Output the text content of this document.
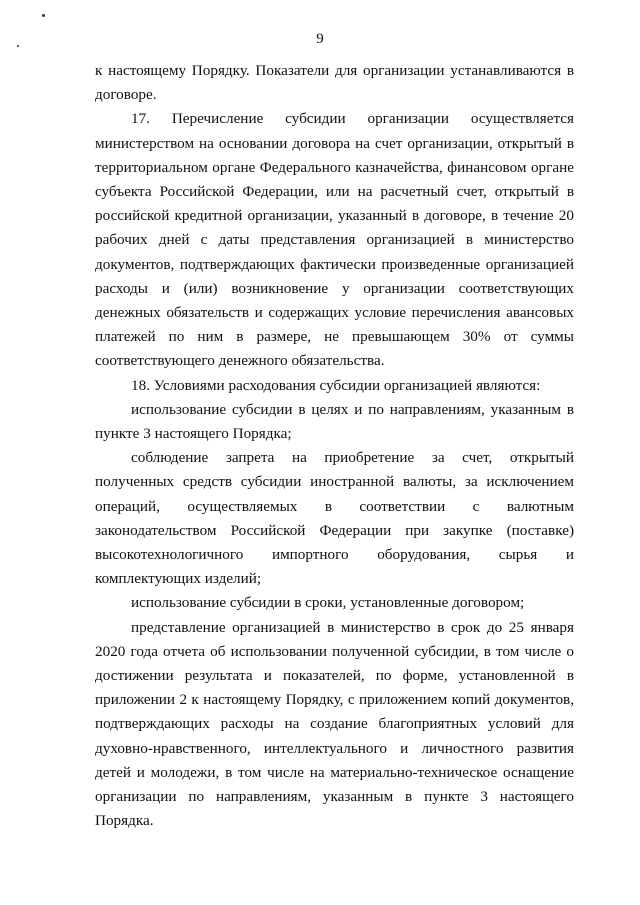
9

к настоящему Порядку. Показатели для организации устанавливаются в договоре.

17. Перечисление субсидии организации осуществляется министерством на основании договора на счет организации, открытый в территориальном органе Федерального казначейства, финансовом органе субъекта Российской Федерации, или на расчетный счет, открытый в российской кредитной организации, указанный в договоре, в течение 20 рабочих дней с даты представления организацией в министерство документов, подтверждающих фактически произведенные организацией расходы и (или) возникновение у организации соответствующих денежных обязательств и содержащих условие перечисления авансовых платежей по ним в размере, не превышающем 30% от суммы соответствующего денежного обязательства.

18. Условиями расходования субсидии организацией являются:

использование субсидии в целях и по направлениям, указанным в пункте 3 настоящего Порядка;

соблюдение запрета на приобретение за счет, открытый полученных средств субсидии иностранной валюты, за исключением операций, осуществляемых в соответствии с валютным законодательством Российской Федерации при закупке (поставке) высокотехнологичного импортного оборудования, сырья и комплектующих изделий;

использование субсидии в сроки, установленные договором;

представление организацией в министерство в срок до 25 января 2020 года отчета об использовании полученной субсидии, в том числе о достижении результата и показателей, по форме, установленной в приложении 2 к настоящему Порядку, с приложением копий документов, подтверждающих расходы на создание благоприятных условий для духовно-нравственного, интеллектуального и личностного развития детей и молодежи, в том числе на материально-техническое оснащение организации по направлениям, указанным в пункте 3 настоящего Порядка.
